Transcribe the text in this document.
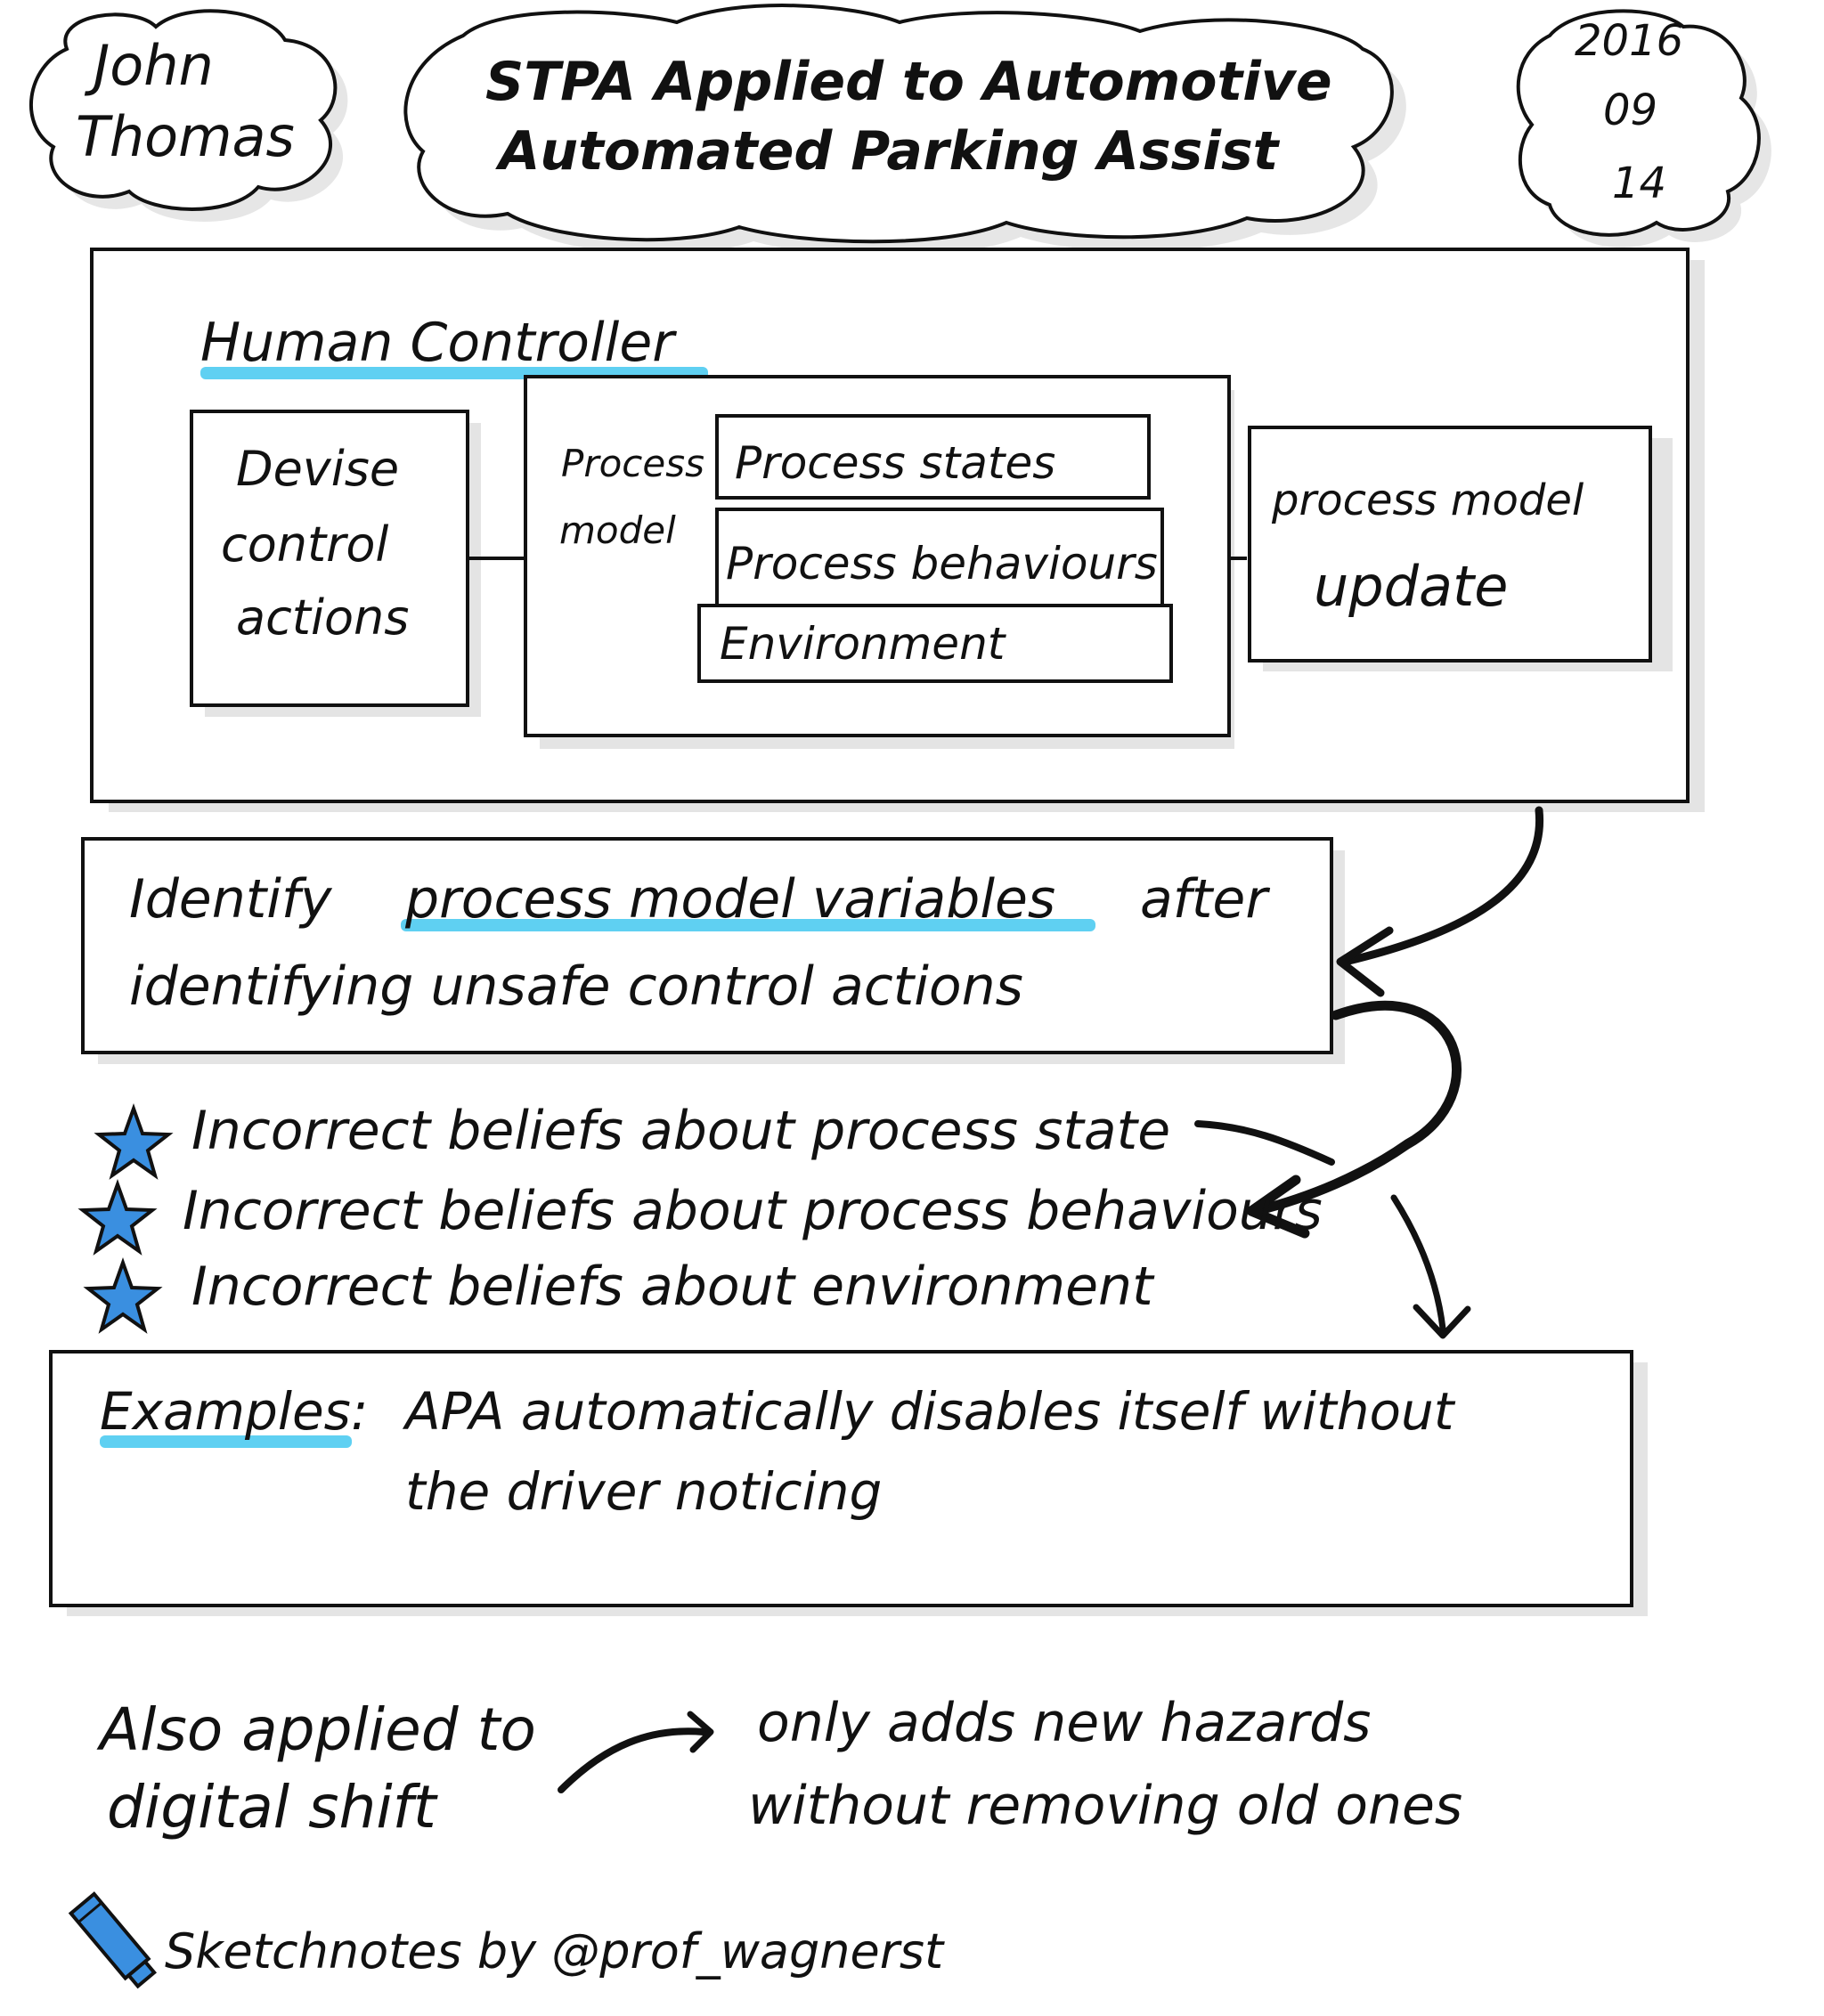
John
Thomas
STPA Applied to Automotive
Automated Parking Assist
2016
09
14
Human Controller
Devise
control
actions
Process
model
Process states
Process behaviours
Environment
process model
update
Identify process model variables after
identifying unsafe control actions
Incorrect beliefs about process state
Incorrect beliefs about process behaviours
Incorrect beliefs about environment
Examples: APA automatically disables itself without
the driver noticing
Also applied to
digital shift
only adds new hazards
without removing old ones
Sketchnotes by @prof_wagnerst
